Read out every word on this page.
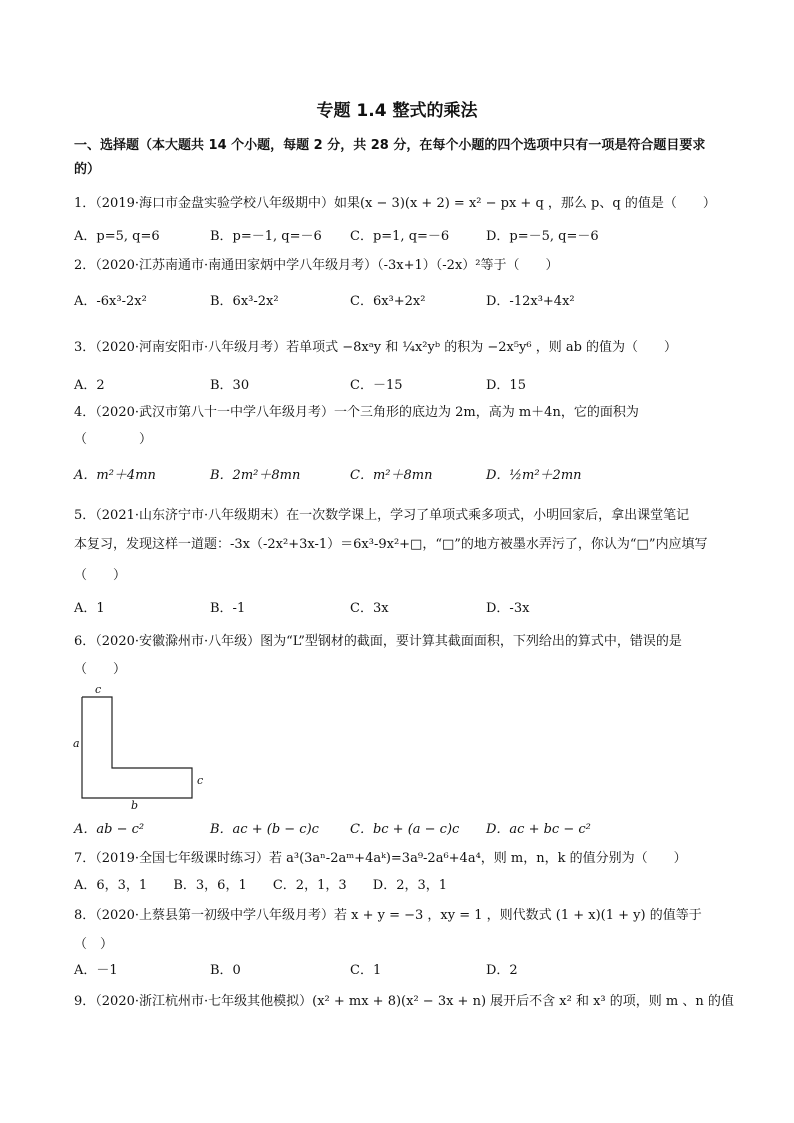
专题 1.4 整式的乘法
一、选择题（本大题共 14 个小题，每题 2 分，共 28 分，在每个小题的四个选项中只有一项是符合题目要求的）
1．（2019·海口市金盘实验学校八年级期中）如果(x − 3)(x + 2) = x² − px + q ，那么 p、q 的值是（　　）
A．p=5, q=6	B．p=－1, q=－6 C．p=1, q=－6	D．p=－5, q=－6
2．（2020·江苏南通市·南通田家炳中学八年级月考）（-3x+1）（-2x）²等于（　　）
A．-6x³-2x²	B．6x³-2x²	C．6x³+2x²	D．-12x³+4x²
3．（2020·河南安阳市·八年级月考）若单项式 −8xᵃy 和 ¼x²yᵇ 的积为 −2x⁵y⁶ ，则 ab 的值为（　　）
A．2	B．30	C．－15	D．15
4．（2020·武汉市第八十一中学八年级月考）一个三角形的底边为 2m，高为 m＋4n，它的面积为
（　　　　）
A．m²＋4mn	B．2m²＋8mn	C．m²＋8mn	D．½m²＋2mn
5．（2021·山东济宁市·八年级期末）在一次数学课上，学习了单项式乘多项式，小明回家后，拿出课堂笔记
本复习，发现这样一道题：-3x（-2x²+3x-1）＝6x³-9x²+□，“□”的地方被墨水弄污了，你认为“□”内应填写
（　　）
A．1	B．-1	C．3x	D．-3x
6．（2020·安徽滁州市·八年级）图为“L”型钢材的截面，要计算其截面面积，下列给出的算式中，错误的是
（　　）
c
a
c
b
A．ab − c²	B．ac + (b − c)c C．bc + (a − c)c D．ac + bc − c²
7．（2019·全国七年级课时练习）若 a³(3aⁿ-2aᵐ+4aᵏ)=3a⁹-2a⁶+4a⁴，则 m，n，k 的值分别为（　　）
A．6，3，1 B．3，6，1 C．2，1，3 D．2，3，1
8．（2020·上蔡县第一初级中学八年级月考）若 x + y = −3 ，xy = 1 ，则代数式 (1 + x)(1 + y) 的值等于
（　）
A．－1	B．0	C．1	D．2
9．（2020·浙江杭州市·七年级其他模拟）(x² + mx + 8)(x² − 3x + n) 展开后不含 x² 和 x³ 的项，则 m 、n 的值
